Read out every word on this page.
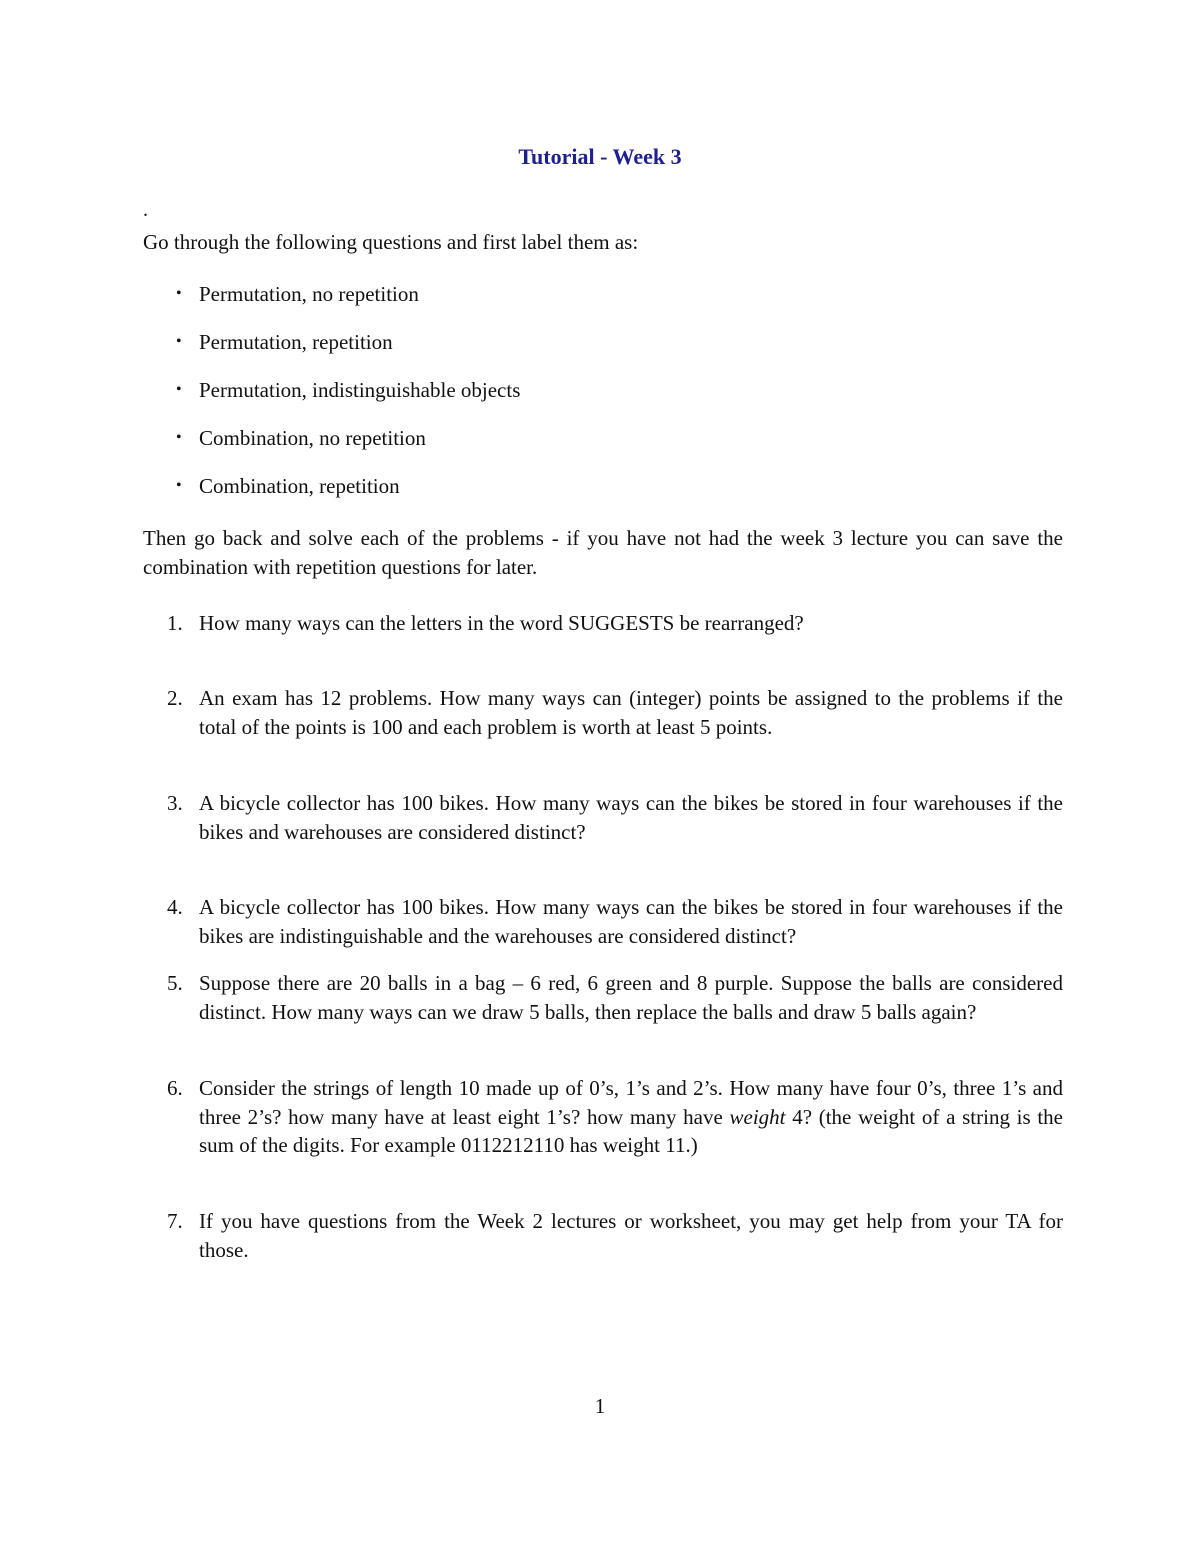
Tutorial - Week 3
.
Go through the following questions and first label them as:
• Permutation, no repetition
• Permutation, repetition
• Permutation, indistinguishable objects
• Combination, no repetition
• Combination, repetition
Then go back and solve each of the problems - if you have not had the week 3 lecture you can save the combination with repetition questions for later.
1. How many ways can the letters in the word SUGGESTS be rearranged?
2. An exam has 12 problems. How many ways can (integer) points be assigned to the problems if the total of the points is 100 and each problem is worth at least 5 points.
3. A bicycle collector has 100 bikes. How many ways can the bikes be stored in four warehouses if the bikes and warehouses are considered distinct?
4. A bicycle collector has 100 bikes. How many ways can the bikes be stored in four warehouses if the bikes are indistinguishable and the warehouses are considered distinct?
5. Suppose there are 20 balls in a bag – 6 red, 6 green and 8 purple. Suppose the balls are considered distinct. How many ways can we draw 5 balls, then replace the balls and draw 5 balls again?
6. Consider the strings of length 10 made up of 0’s, 1’s and 2’s. How many have four 0’s, three 1’s and three 2’s? how many have at least eight 1’s? how many have weight 4? (the weight of a string is the sum of the digits. For example 0112212110 has weight 11.)
7. If you have questions from the Week 2 lectures or worksheet, you may get help from your TA for those.
1
